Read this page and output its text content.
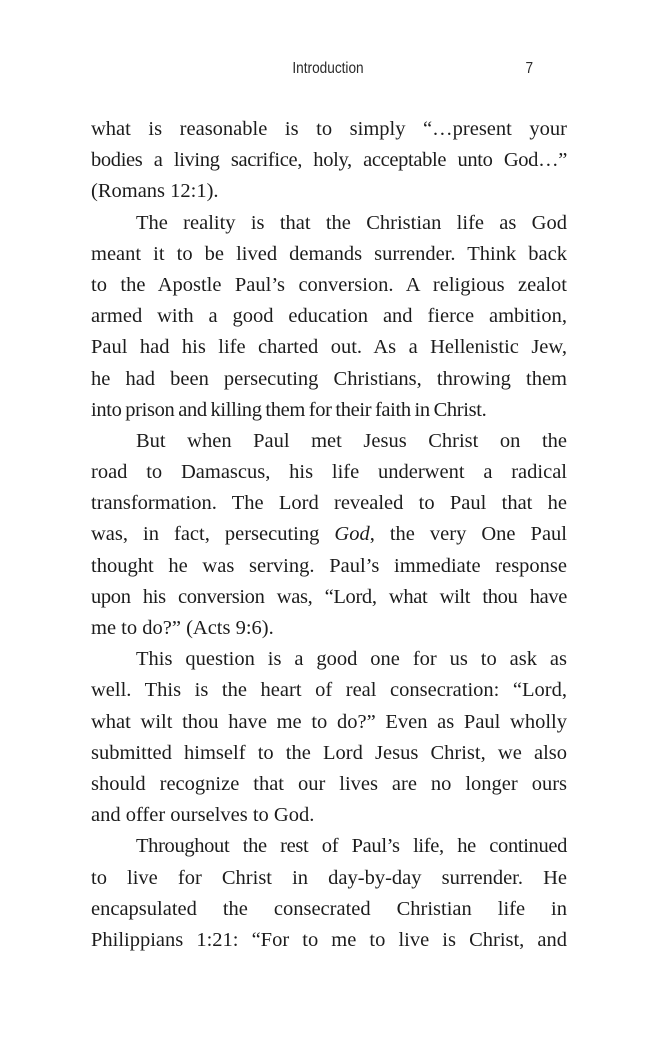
Introduction	7
what is reasonable is to simply “…present your
bodies a living sacrifice, holy, acceptable unto God…”
(Romans 12:1).
The reality is that the Christian life as God
meant it to be lived demands surrender. Think back
to the Apostle Paul’s conversion. A religious zealot
armed with a good education and fierce ambition,
Paul had his life charted out. As a Hellenistic Jew,
he had been persecuting Christians, throwing them
into prison and killing them for their faith in Christ.
But when Paul met Jesus Christ on the
road to Damascus, his life underwent a radical
transformation. The Lord revealed to Paul that he
was, in fact, persecuting God, the very One Paul
thought he was serving. Paul’s immediate response
upon his conversion was, “Lord, what wilt thou have
me to do?” (Acts 9:6).
This question is a good one for us to ask as
well. This is the heart of real consecration: “Lord,
what wilt thou have me to do?” Even as Paul wholly
submitted himself to the Lord Jesus Christ, we also
should recognize that our lives are no longer ours
and offer ourselves to God.
Throughout the rest of Paul’s life, he continued
to live for Christ in day-by-day surrender. He
encapsulated the consecrated Christian life in
Philippians 1:21: “For to me to live is Christ, and
